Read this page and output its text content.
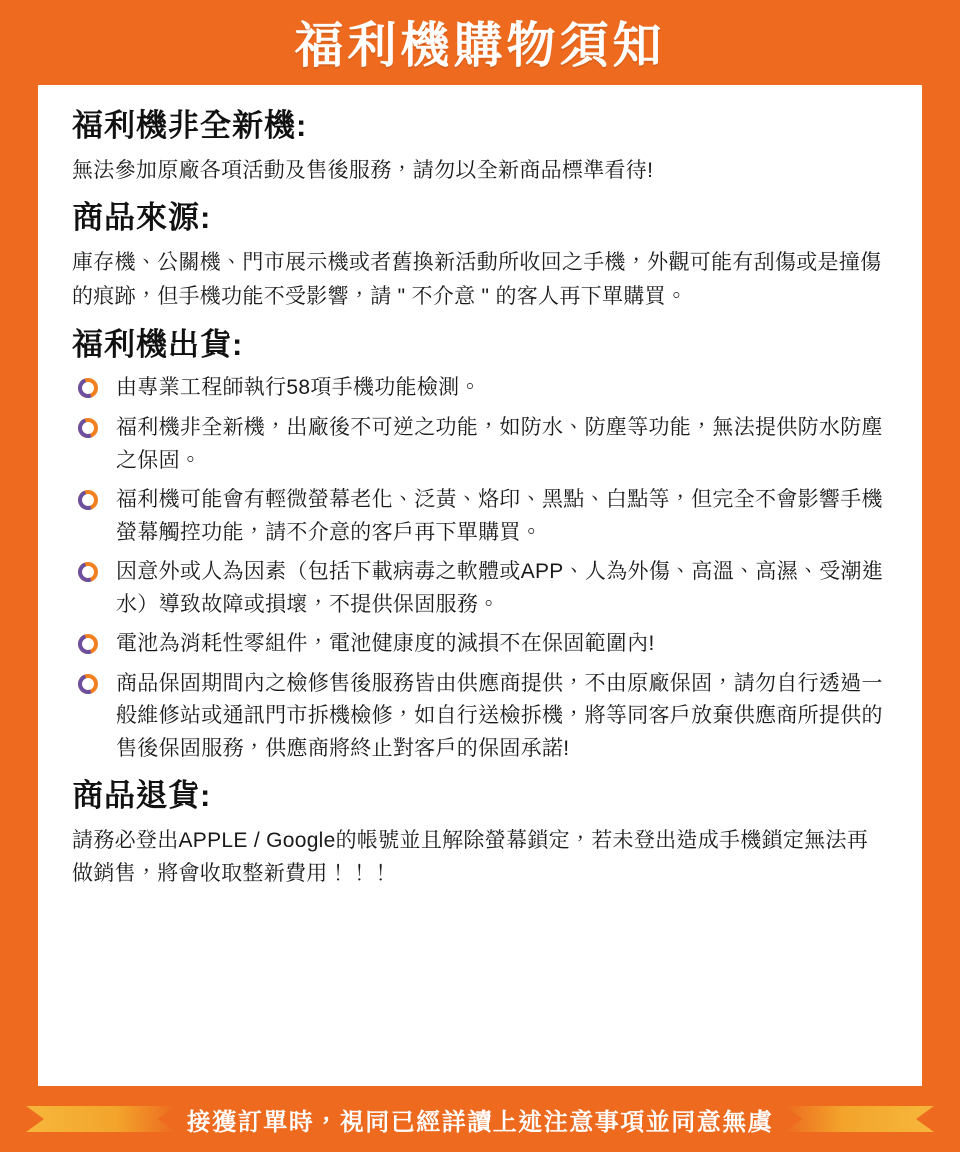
福利機購物須知
福利機非全新機:

無法參加原廠各項活動及售後服務，請勿以全新商品標準看待!

商品來源:

庫存機、公關機、門市展示機或者舊換新活動所收回之手機，外觀可能有刮傷或是撞傷的痕跡，但手機功能不受影響，請 " 不介意 " 的客人再下單購買。

福利機出貨:
由專業工程師執行58項手機功能檢測。
福利機非全新機，出廠後不可逆之功能，如防水、防塵等功能，無法提供防水防塵之保固。
福利機可能會有輕微螢幕老化、泛黃、烙印、黑點、白點等，但完全不會影響手機螢幕觸控功能，請不介意的客戶再下單購買。
因意外或人為因素（包括下載病毒之軟體或APP、人為外傷、高溫、高濕、受潮進水）導致故障或損壞，不提供保固服務。
電池為消耗性零組件，電池健康度的減損不在保固範圍內!
商品保固期間內之檢修售後服務皆由供應商提供，不由原廠保固，請勿自行透過一般維修站或通訊門市拆機檢修，如自行送檢拆機，將等同客戶放棄供應商所提供的售後保固服務，供應商將終止對客戶的保固承諾!
商品退貨:

請務必登出APPLE / Google的帳號並且解除螢幕鎖定，若未登出造成手機鎖定無法再做銷售，將會收取整新費用！！！

接獲訂單時，視同已經詳讀上述注意事項並同意無虞
